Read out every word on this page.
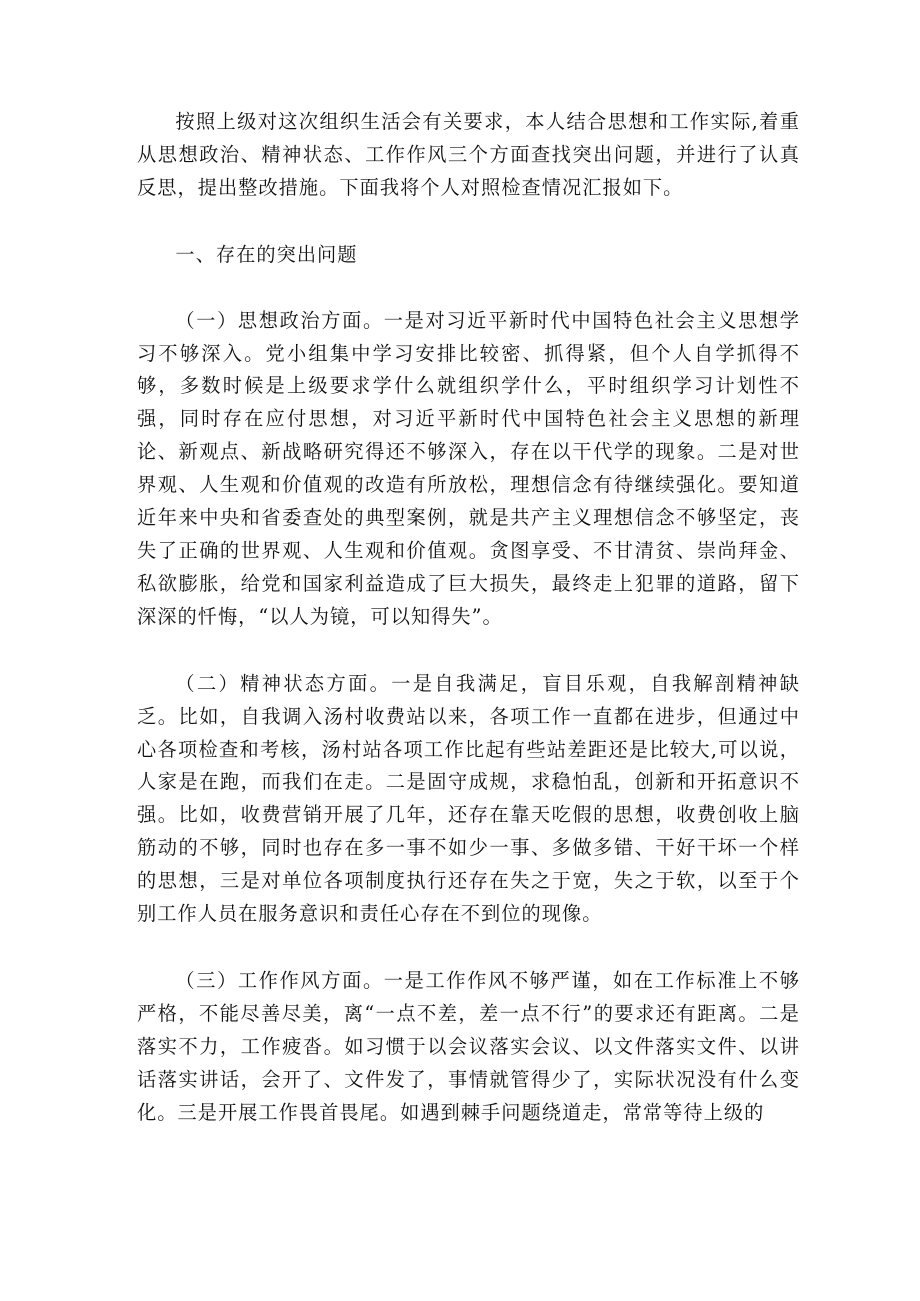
按照上级对这次组织生活会有关要求，本人结合思想和工作实际,着重从思想政治、精神状态、工作作风三个方面查找突出问题，并进行了认真反思，提出整改措施。下面我将个人对照检查情况汇报如下。

一、存在的突出问题

（一）思想政治方面。一是对习近平新时代中国特色社会主义思想学习不够深入。党小组集中学习安排比较密、抓得紧，但个人自学抓得不够，多数时候是上级要求学什么就组织学什么，平时组织学习计划性不强，同时存在应付思想，对习近平新时代中国特色社会主义思想的新理论、新观点、新战略研究得还不够深入，存在以干代学的现象。二是对世界观、人生观和价值观的改造有所放松，理想信念有待继续强化。要知道近年来中央和省委查处的典型案例，就是共产主义理想信念不够坚定，丧失了正确的世界观、人生观和价值观。贪图享受、不甘清贫、崇尚拜金、私欲膨胀，给党和国家利益造成了巨大损失，最终走上犯罪的道路，留下深深的忏悔，“以人为镜，可以知得失”。

（二）精神状态方面。一是自我满足，盲目乐观，自我解剖精神缺乏。比如，自我调入汤村收费站以来，各项工作一直都在进步，但通过中心各项检查和考核，汤村站各项工作比起有些站差距还是比较大,可以说，人家是在跑，而我们在走。二是固守成规，求稳怕乱，创新和开拓意识不强。比如，收费营销开展了几年，还存在靠天吃假的思想，收费创收上脑筋动的不够，同时也存在多一事不如少一事、多做多错、干好干坏一个样的思想，三是对单位各项制度执行还存在失之于宽，失之于软，以至于个别工作人员在服务意识和责任心存在不到位的现像。

（三）工作作风方面。一是工作作风不够严谨，如在工作标准上不够严格，不能尽善尽美，离“一点不差，差一点不行”的要求还有距离。二是落实不力，工作疲沓。如习惯于以会议落实会议、以文件落实文件、以讲话落实讲话，会开了、文件发了，事情就管得少了，实际状况没有什么变化。三是开展工作畏首畏尾。如遇到棘手问题绕道走，常常等待上级的
